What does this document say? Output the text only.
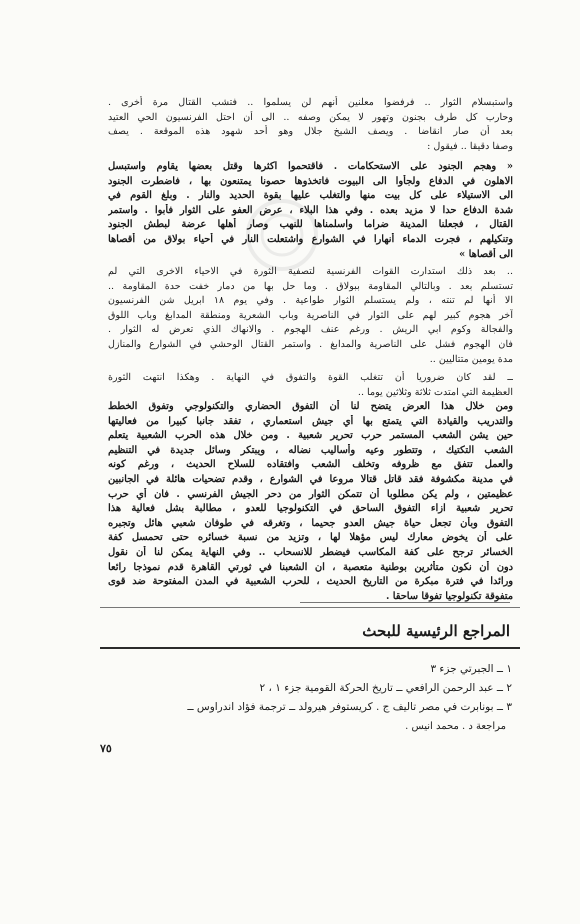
واستبسلام الثوار .. فرفضوا معلنين أنهم لن يسلموا .. فتشب القتال مرة أخرى .
وحارب كل طرف بجنون وتهور لا يمكن وصفه .. الى أن احتل الفرنسيون الحي العتيد
بعد أن صار انقاضا . ويصف الشيخ جلال وهو أحد شهود هذه الموقعة . يصف
وصفا دقيقا .. فيقول :
« وهجم الجنود على الاستحكامات . فاقتحموا اكثرها وقتل بعضها يقاوم واستبسل
الاهلون في الدفاع ولجأوا الى البيوت فاتخذوها حصونا يمتنعون بها ، فاضطرت الجنود
الى الاستيلاء على كل بيت منها والتغلب عليها بقوة الحديد والنار . وبلغ القوم في
شدة الدفاع حدا لا مزيد بعده . وفي هذا البلاء ، عرض العفو على الثوار فأبوا . واستمر
القتال ، فجعلنا المدينة ضراما واسلمناها للنهب وصار أهلها عرضة لبطش الجنود
وتنكيلهم ، فجرت الدماء أنهارا في الشوارع واشتعلت النار في أحياء بولاق من أقصاها
الى أقصاها »
.. بعد ذلك استدارت القوات الفرنسية لتصفية الثورة في الاحياء الاخرى التي لم
تستسلم بعد . وبالتالي المقاومة ببولاق . وما حل بها من دمار خفت حدة المقاومة ..
الا أنها لم تنته ، ولم يستسلم الثوار طواعية . وفي يوم ١٨ ابريل شن الفرنسيون
آخر هجوم كبير لهم على الثوار في الناصرية وباب الشعرية ومنطقة المدابغ وباب اللوق
والفجالة وكوم ابي الريش . ورغم عنف الهجوم . والانهاك الذي تعرض له الثوار .
فان الهجوم فشل على الناصرية والمدابغ . واستمر القتال الوحشي في الشوارع والمنازل
مدة يومين متتاليين ..
ــ لقد كان ضروريا أن تتغلب القوة والتفوق في النهاية . وهكذا انتهت الثورة
العظيمة التي امتدت ثلاثة وثلاثين يوما ..
ومن خلال هذا العرض يتضح لنا أن التفوق الحضاري والتكنولوجي وتفوق الخطط
والتدريب والقيادة التي يتمتع بها أي جيش استعماري ، تفقد جانبا كبيرا من فعاليتها
حين يشن الشعب المستمر حرب تحرير شعبية . ومن خلال هذه الحرب الشعبية يتعلم
الشعب التكتيك ، وتتطور وعيه وأساليب نضاله ، ويبتكر وسائل جديدة في التنظيم
والعمل تتفق مع ظروفه وتخلف الشعب وافتقاده للسلاح الحديث ، ورغم كونه
في مدينة مكشوفة فقد قاتل قتالا مروعا في الشوارع ، وقدم تضحيات هائلة في الجانبين
عظيمتين ، ولم يكن مطلوبا أن تتمكن الثوار من دحر الجيش الفرنسي . فان أي حرب
تحرير شعبية ازاء التفوق الساحق في التكنولوجيا للعدو ، مطالبة بشل فعالية هذا
التفوق وبأن تجعل حياة جيش العدو جحيما ، وتغرقه في طوفان شعبي هائل وتجبره
على أن يخوض معارك ليس مؤهلا لها ، وتزيد من نسبة خسائره حتى تحمسل كفة
الخسائر ترجح على كفة المكاسب فيضطر للانسحاب .. وفي النهاية يمكن لنا أن نقول
دون أن نكون متأثرين بوطنية متعصبة ، ان الشعبنا في ثورتي القاهرة قدم نموذجا رائعا
ورائدا في فترة مبكرة من التاريخ الحديث ، للحرب الشعبية في المدن المفتوحة ضد قوى
متفوقة تكنولوجيا تفوقا ساحقا .
المراجع الرئيسية للبحث
١ ــ الجبرتي جزء ٣
٢ ــ عبد الرحمن الرافعي ــ تاريخ الحركة القومية جزء ١ ، ٢
٣ ــ بونابرت في مصر تاليف ج . كريستوفر هيرولد ــ ترجمة فؤاد اندراوس ــ
مراجعة د . محمد انيس .
٧٥
